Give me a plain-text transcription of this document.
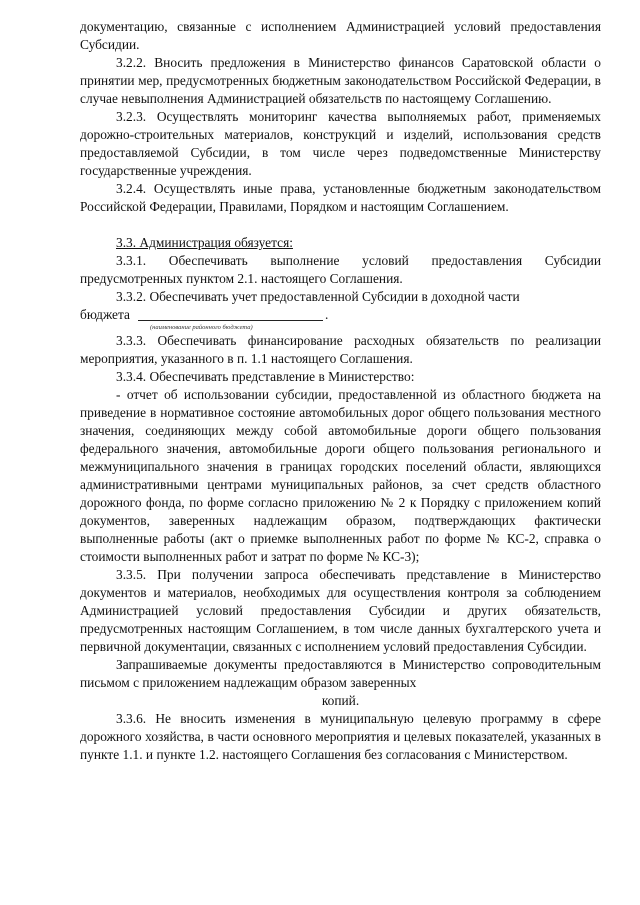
документацию, связанные с исполнением Администрацией условий предоставления Субсидии.

3.2.2. Вносить предложения в Министерство финансов Саратовской области о принятии мер, предусмотренных бюджетным законодательством Российской Федерации, в случае невыполнения Администрацией обязательств по настоящему Соглашению.

3.2.3. Осуществлять мониторинг качества выполняемых работ, применяемых дорожно-строительных материалов, конструкций и изделий, использования средств предоставляемой Субсидии, в том числе через подведомственные Министерству государственные учреждения.

3.2.4. Осуществлять иные права, установленные бюджетным законодательством Российской Федерации, Правилами, Порядком и настоящим Соглашением.

3.3. Администрация обязуется:

3.3.1. Обеспечивать выполнение условий предоставления Субсидии предусмотренных пунктом 2.1. настоящего Соглашения.

3.3.2. Обеспечивать учет предоставленной Субсидии в доходной части

бюджета	.

(наименование районного бюджета)

3.3.3. Обеспечивать финансирование расходных обязательств по реализации мероприятия, указанного в п. 1.1 настоящего Соглашения.

3.3.4. Обеспечивать представление в Министерство:

- отчет об использовании субсидии, предоставленной из областного бюджета на приведение в нормативное состояние автомобильных дорог общего пользования местного значения, соединяющих между собой автомобильные дороги общего пользования федерального значения, автомобильные дороги общего пользования регионального и межмуниципального значения в границах городских поселений области, являющихся административными центрами муниципальных районов, за счет средств областного дорожного фонда, по форме согласно приложению № 2 к Порядку с приложением копий документов, заверенных надлежащим образом, подтверждающих фактически выполненные работы (акт о приемке выполненных работ по форме № КС-2, справка о стоимости выполненных работ и затрат по форме № КС-3);

3.3.5. При получении запроса обеспечивать представление в Министерство документов и материалов, необходимых для осуществления контроля за соблюдением Администрацией условий предоставления Субсидии и других обязательств, предусмотренных настоящим Соглашением, в том числе данных бухгалтерского учета и первичной документации, связанных с исполнением условий предоставления Субсидии.

Запрашиваемые документы предоставляются в Министерство сопроводительным письмом с приложением надлежащим образом заверенных

копий.

3.3.6. Не вносить изменения в муниципальную целевую программу в сфере дорожного хозяйства, в части основного мероприятия и целевых показателей, указанных в пункте 1.1. и пункте 1.2. настоящего Соглашения без согласования с Министерством.
